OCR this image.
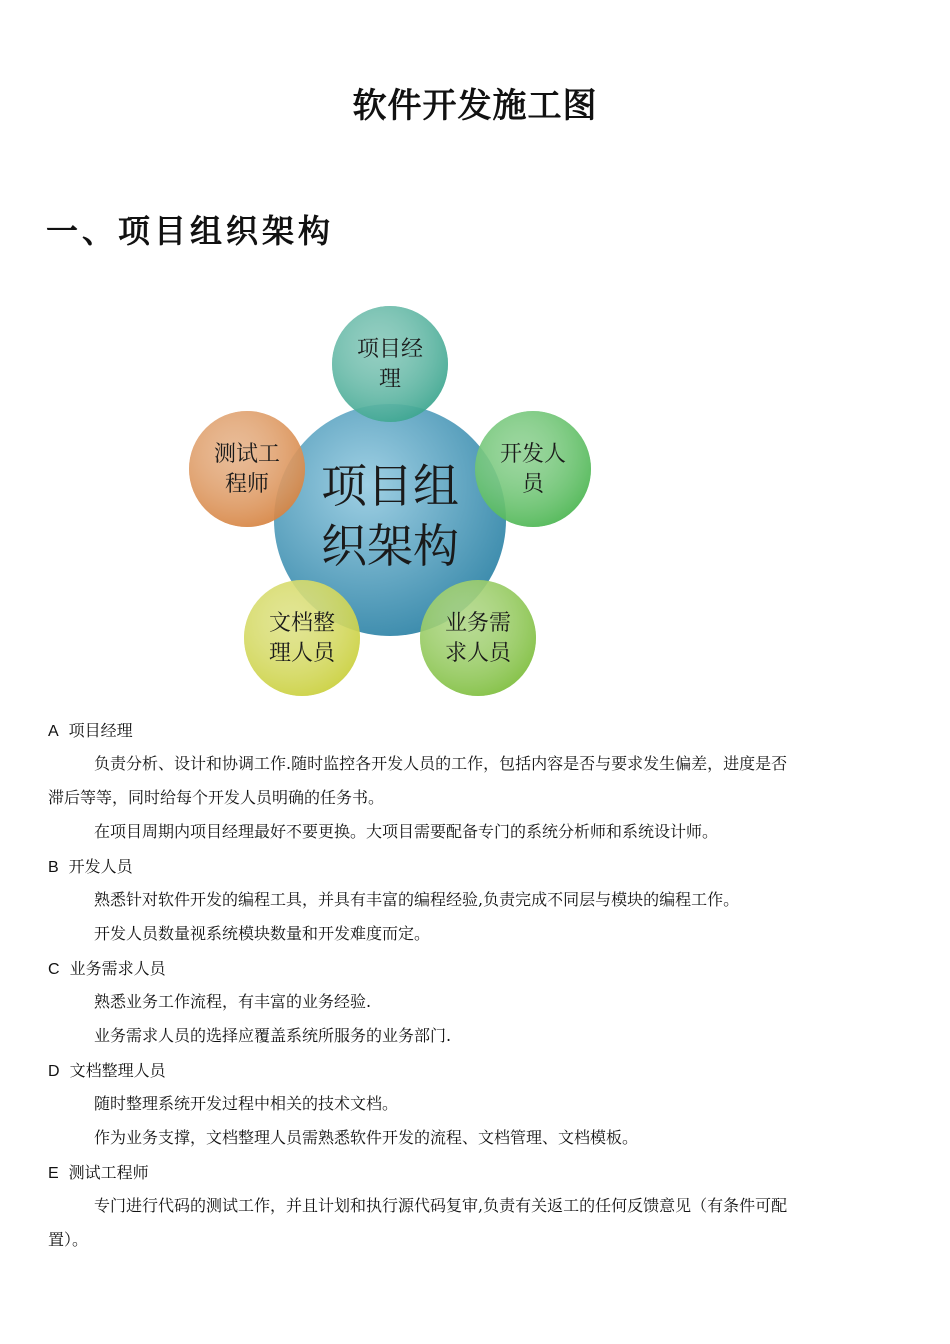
软件开发施工图
一、项目组织架构
项目经
理
开发人
员
业务需
求人员
文档整
理人员
测试工
程师 项目组
织架构
A 项目经理
负责分析、设计和协调工作.随时监控各开发人员的工作，包括内容是否与要求发生偏差，进度是否
滞后等等，同时给每个开发人员明确的任务书。
在项目周期内项目经理最好不要更换。大项目需要配备专门的系统分析师和系统设计师。
B 开发人员
熟悉针对软件开发的编程工具，并具有丰富的编程经验,负责完成不同层与模块的编程工作。
开发人员数量视系统模块数量和开发难度而定。
C 业务需求人员
熟悉业务工作流程，有丰富的业务经验.
业务需求人员的选择应覆盖系统所服务的业务部门.
D 文档整理人员
随时整理系统开发过程中相关的技术文档。
作为业务支撑，文档整理人员需熟悉软件开发的流程、文档管理、文档模板。
E 测试工程师
专门进行代码的测试工作，并且计划和执行源代码复审,负责有关返工的任何反馈意见（有条件可配
置）。
